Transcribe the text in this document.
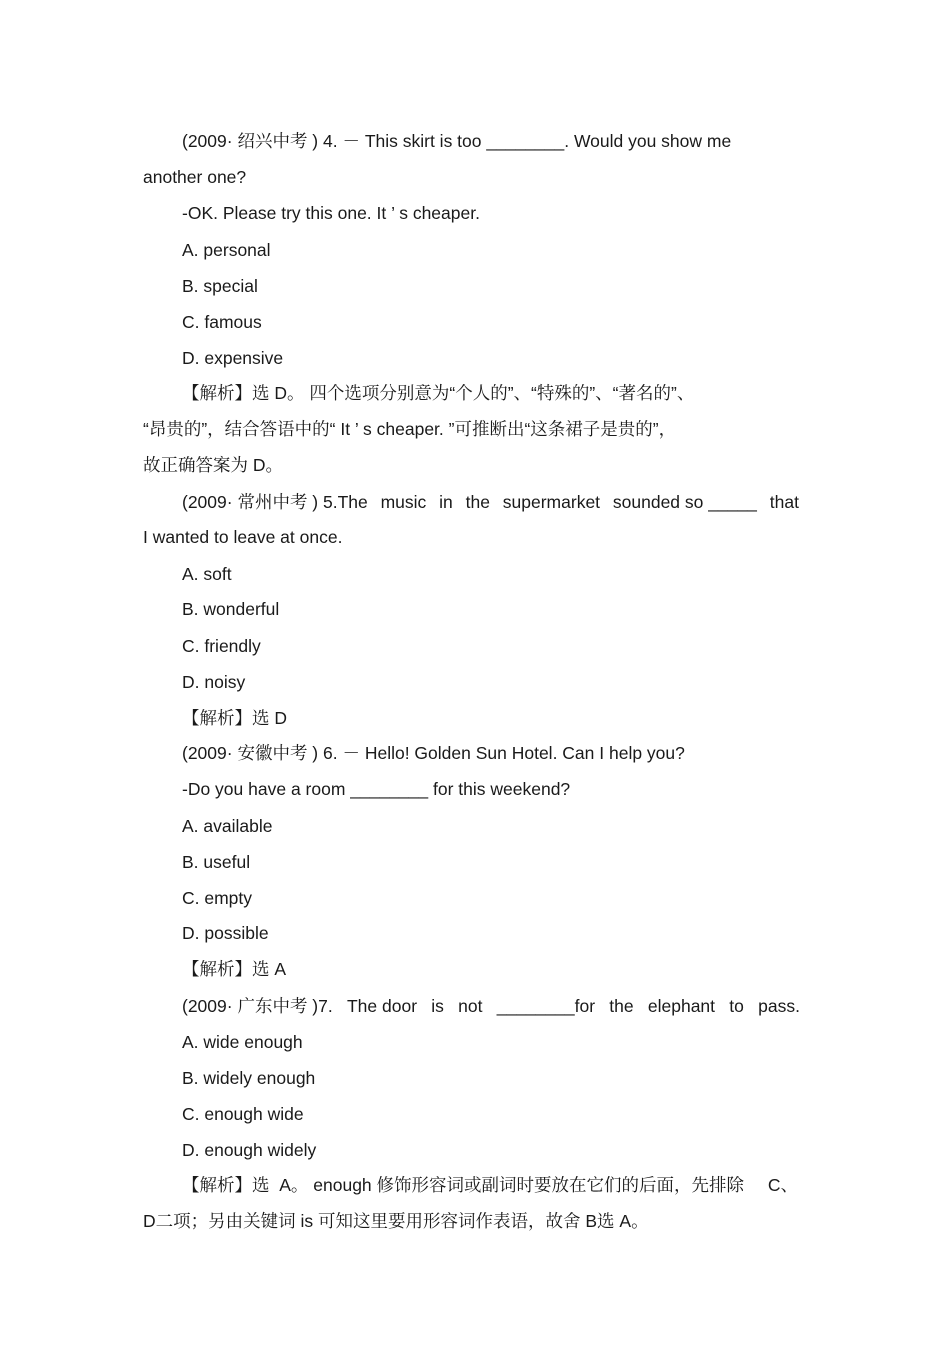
(2009· 绍兴中考 ) 4. － This skirt is too ________. Would you show me
another one?
-OK. Please try this one. It ’ s cheaper.
A. personal
B. special
C. famous
D. expensive
【解析】选 D。 四个选项分别意为“个人的”、“特殊的”、“著名的”、
“昂贵的”，结合答语中的“ It ’ s cheaper. ”可推断出“这条裙子是贵的”，
故正确答案为 D。
(2009· 常州中考 ) 5.The music in the supermarket sounded so _____ that
I wanted to leave at once.
A. soft
B. wonderful
C. friendly
D. noisy
【解析】选 D
(2009· 安徽中考 ) 6. － Hello! Golden Sun Hotel. Can I help you?
-Do you have a room ________ for this weekend?
A. available
B. useful
C. empty
D. possible
【解析】选 A
(2009· 广东中考 )7. The door is not ________for the elephant to pass.
A. wide enough
B. widely enough
C. enough wide
D. enough widely
【解析】选  A。 enough 修饰形容词或副词时要放在它们的后面，先排除 C、
D二项；另由关键词 is 可知这里要用形容词作表语，故舍 B选 A。
